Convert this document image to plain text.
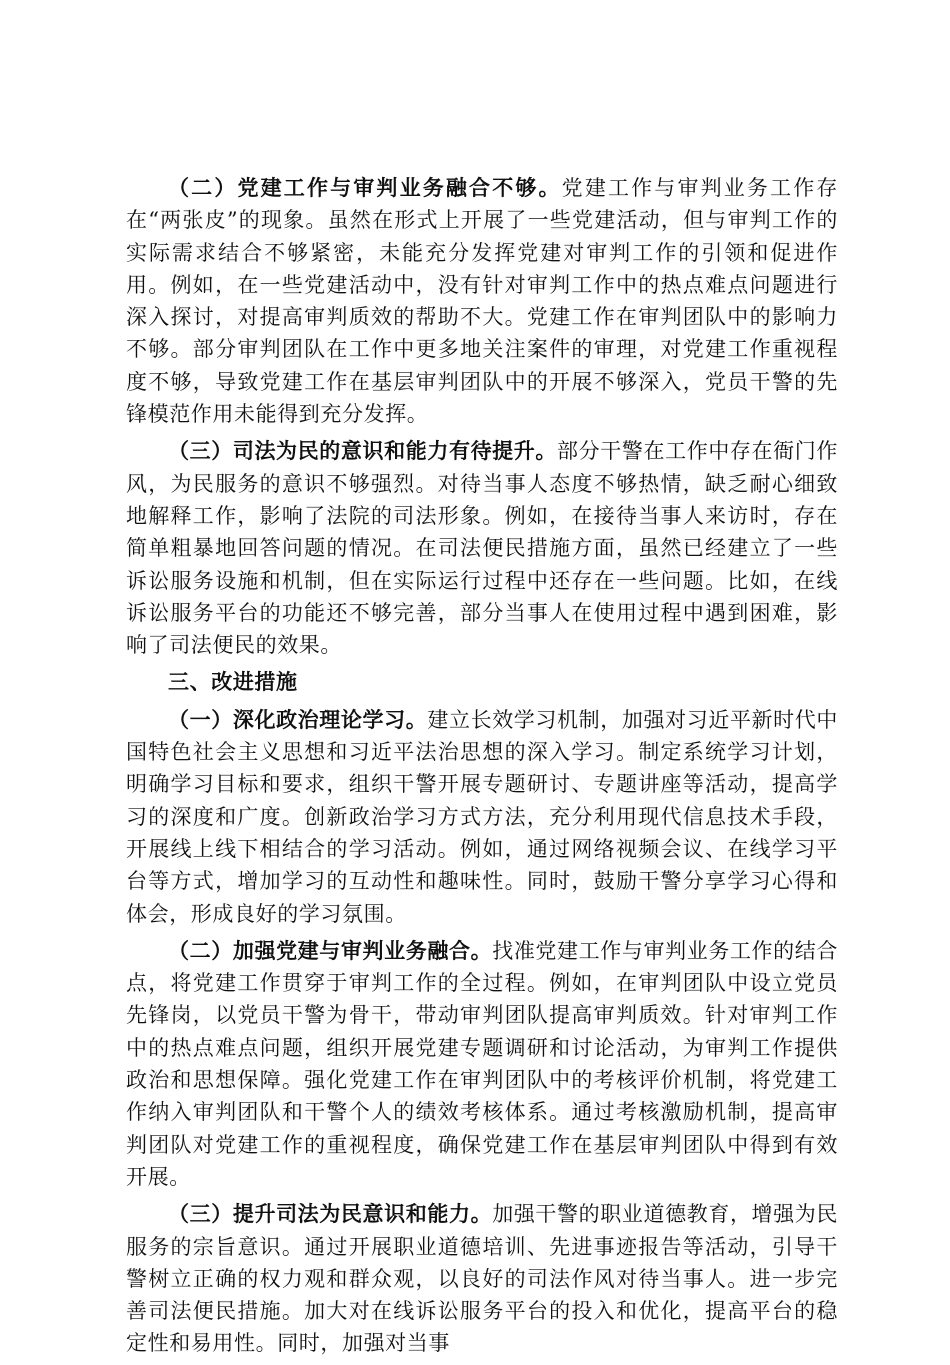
（二）党建工作与审判业务融合不够。党建工作与审判业务工作存在“两张皮”的现象。虽然在形式上开展了一些党建活动，但与审判工作的实际需求结合不够紧密，未能充分发挥党建对审判工作的引领和促进作用。例如，在一些党建活动中，没有针对审判工作中的热点难点问题进行深入探讨，对提高审判质效的帮助不大。党建工作在审判团队中的影响力不够。部分审判团队在工作中更多地关注案件的审理，对党建工作重视程度不够，导致党建工作在基层审判团队中的开展不够深入，党员干警的先锋模范作用未能得到充分发挥。

（三）司法为民的意识和能力有待提升。部分干警在工作中存在衙门作风，为民服务的意识不够强烈。对待当事人态度不够热情，缺乏耐心细致地解释工作，影响了法院的司法形象。例如，在接待当事人来访时，存在简单粗暴地回答问题的情况。在司法便民措施方面，虽然已经建立了一些诉讼服务设施和机制，但在实际运行过程中还存在一些问题。比如，在线诉讼服务平台的功能还不够完善，部分当事人在使用过程中遇到困难，影响了司法便民的效果。

三、改进措施

（一）深化政治理论学习。建立长效学习机制，加强对习近平新时代中国特色社会主义思想和习近平法治思想的深入学习。制定系统学习计划，明确学习目标和要求，组织干警开展专题研讨、专题讲座等活动，提高学习的深度和广度。创新政治学习方式方法，充分利用现代信息技术手段，开展线上线下相结合的学习活动。例如，通过网络视频会议、在线学习平台等方式，增加学习的互动性和趣味性。同时，鼓励干警分享学习心得和体会，形成良好的学习氛围。

（二）加强党建与审判业务融合。找准党建工作与审判业务工作的结合点，将党建工作贯穿于审判工作的全过程。例如，在审判团队中设立党员先锋岗，以党员干警为骨干，带动审判团队提高审判质效。针对审判工作中的热点难点问题，组织开展党建专题调研和讨论活动，为审判工作提供政治和思想保障。强化党建工作在审判团队中的考核评价机制，将党建工作纳入审判团队和干警个人的绩效考核体系。通过考核激励机制，提高审判团队对党建工作的重视程度，确保党建工作在基层审判团队中得到有效开展。

（三）提升司法为民意识和能力。加强干警的职业道德教育，增强为民服务的宗旨意识。通过开展职业道德培训、先进事迹报告等活动，引导干警树立正确的权力观和群众观，以良好的司法作风对待当事人。进一步完善司法便民措施。加大对在线诉讼服务平台的投入和优化，提高平台的稳定性和易用性。同时，加强对当事
